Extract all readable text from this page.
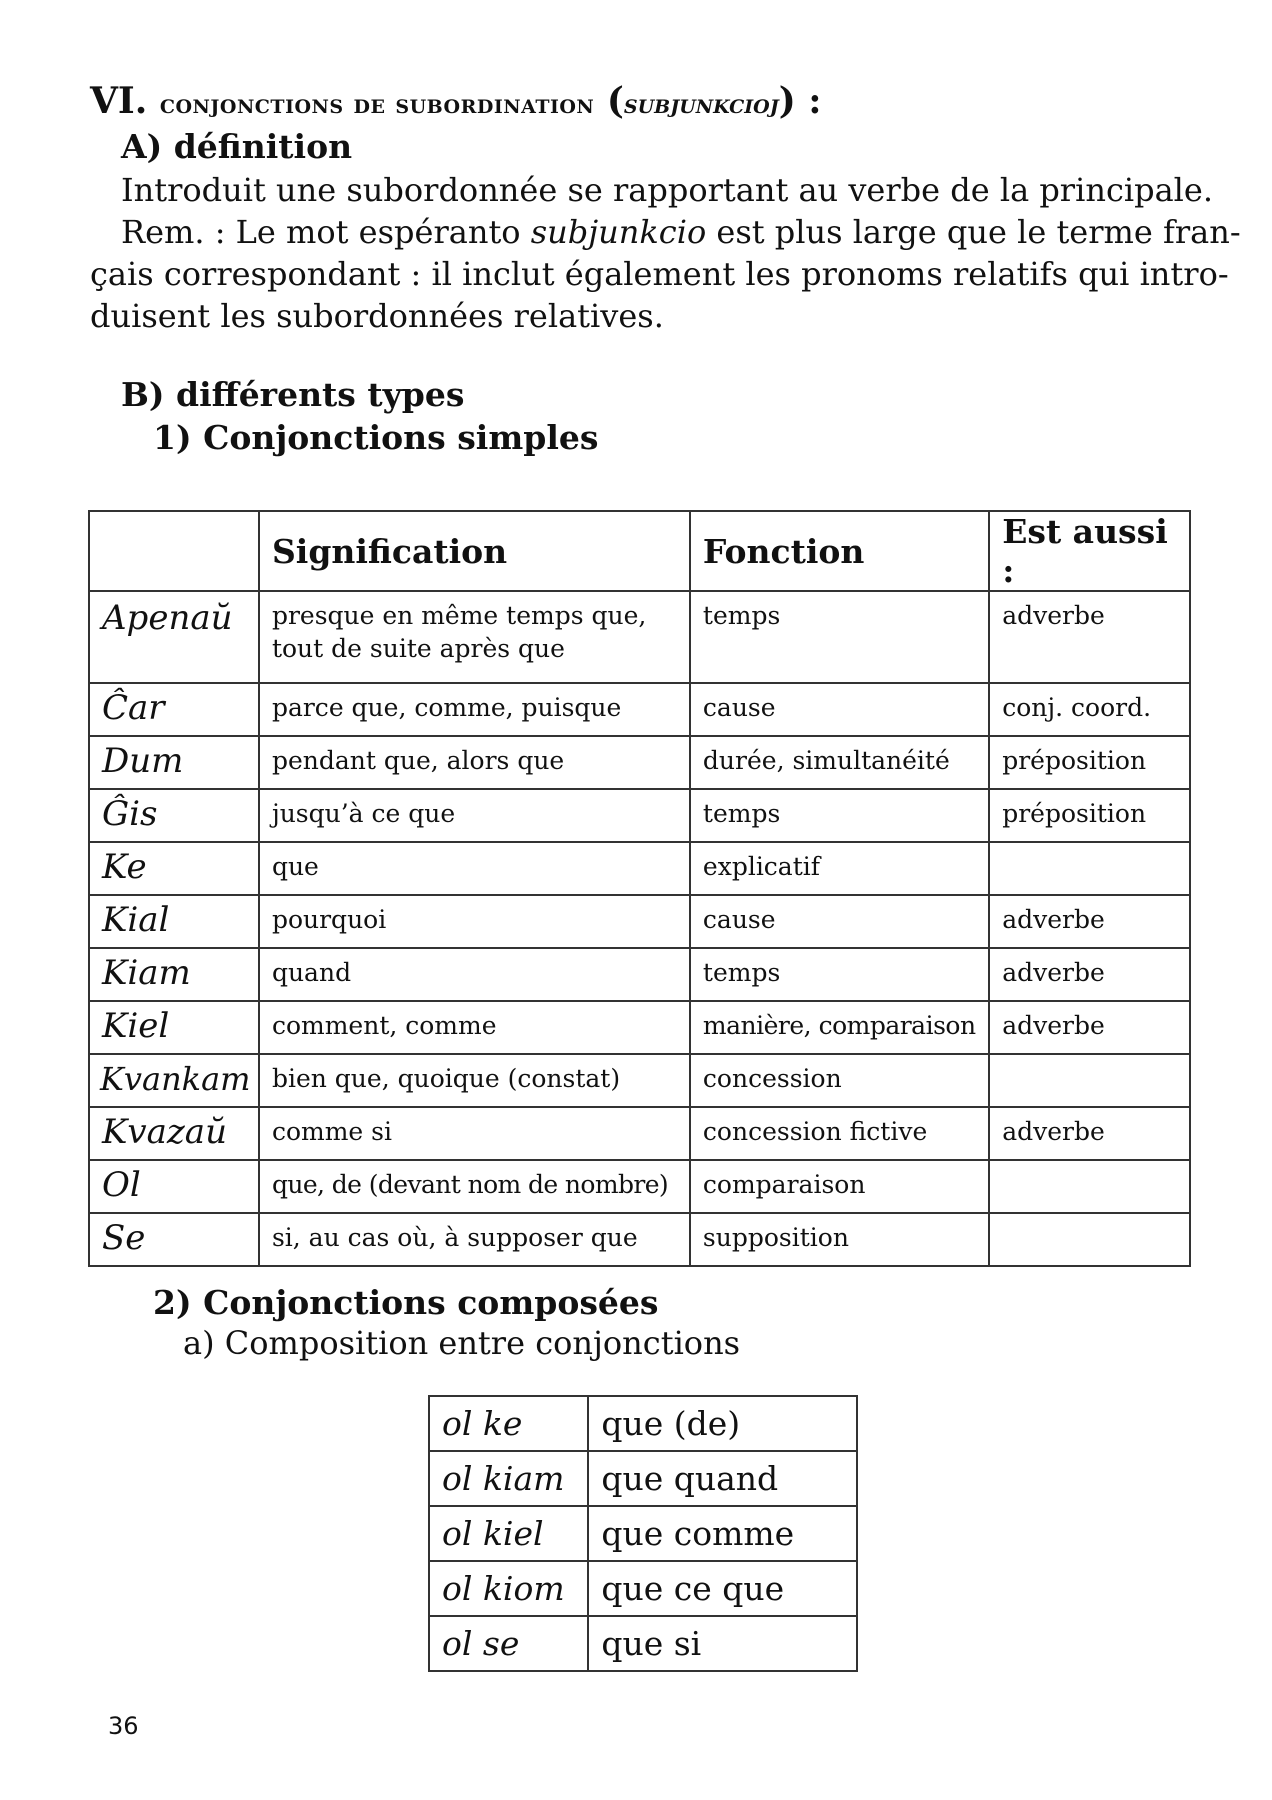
VI. conjonctions de subordination (subjunkcioj) :
A) définition
Introduit une subordonnée se rapportant au verbe de la principale.
Rem. : Le mot espéranto subjunkcio est plus large que le terme fran-
çais correspondant : il inclut également les pronoms relatifs qui intro-
duisent les subordonnées relatives.
B) différents types
1) Conjonctions simples
	Signification	Fonction	Est aussi :
Apenaŭ	presque en même temps que,
tout de suite après que	temps	adverbe
Ĉar	parce que, comme, puisque	cause	conj. coord.
Dum	pendant que, alors que	durée, simultanéité	préposition
Ĝis	jusqu’à ce que	temps	préposition
Ke	que	explicatif	
Kial	pourquoi	cause	adverbe
Kiam	quand	temps	adverbe
Kiel	comment, comme	manière, comparaison	adverbe
Kvankam	bien que, quoique (constat)	concession	
Kvazaŭ	comme si	concession fictive	adverbe
Ol	que, de (devant nom de nombre)	comparaison	
Se	si, au cas où, à supposer que	supposition	
2) Conjonctions composées
a) Composition entre conjonctions
ol ke	que (de)
ol kiam	que quand
ol kiel	que comme
ol kiom	que ce que
ol se	que si
36
